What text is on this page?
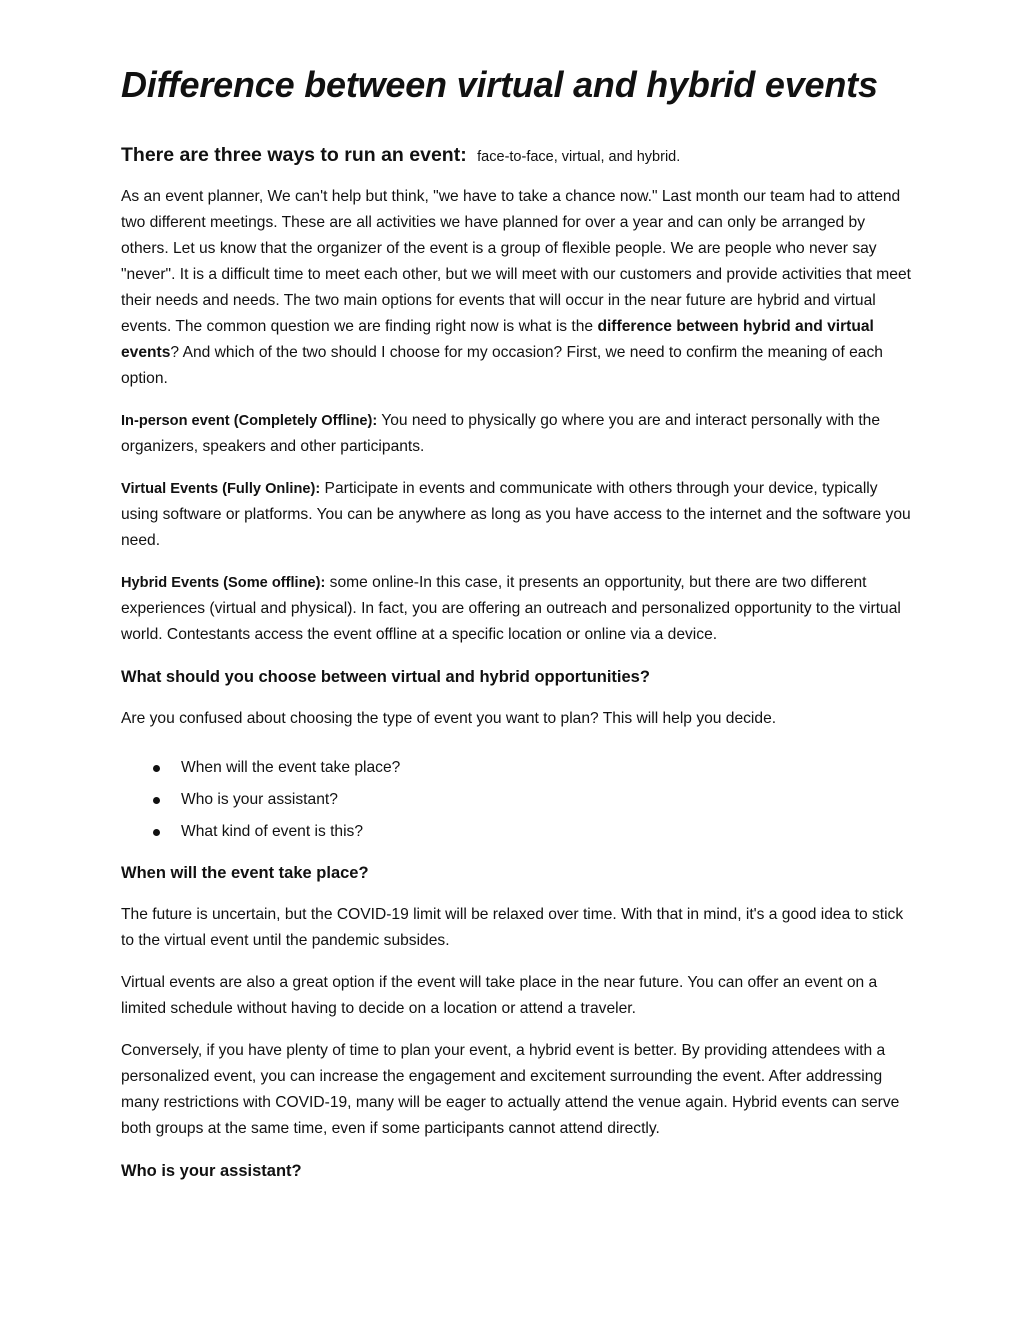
Difference between virtual and hybrid events
There are three ways to run an event: face-to-face, virtual, and hybrid.

As an event planner, We can't help but think, "we have to take a chance now." Last month our team had to attend two different meetings. These are all activities we have planned for over a year and can only be arranged by others. Let us know that the organizer of the event is a group of flexible people. We are people who never say "never". It is a difficult time to meet each other, but we will meet with our customers and provide activities that meet their needs and needs. The two main options for events that will occur in the near future are hybrid and virtual events. The common question we are finding right now is what is the difference between hybrid and virtual events? And which of the two should I choose for my occasion? First, we need to confirm the meaning of each option.

In-person event (Completely Offline): You need to physically go where you are and interact personally with the organizers, speakers and other participants.

Virtual Events (Fully Online): Participate in events and communicate with others through your device, typically using software or platforms. You can be anywhere as long as you have access to the internet and the software you need.

Hybrid Events (Some offline): some online-In this case, it presents an opportunity, but there are two different experiences (virtual and physical). In fact, you are offering an outreach and personalized opportunity to the virtual world. Contestants access the event offline at a specific location or online via a device.

What should you choose between virtual and hybrid opportunities?

Are you confused about choosing the type of event you want to plan? This will help you decide.

When will the event take place?
Who is your assistant?
What kind of event is this?
When will the event take place?

The future is uncertain, but the COVID-19 limit will be relaxed over time. With that in mind, it's a good idea to stick to the virtual event until the pandemic subsides.

Virtual events are also a great option if the event will take place in the near future. You can offer an event on a limited schedule without having to decide on a location or attend a traveler.

Conversely, if you have plenty of time to plan your event, a hybrid event is better. By providing attendees with a personalized event, you can increase the engagement and excitement surrounding the event. After addressing many restrictions with COVID-19, many will be eager to actually attend the venue again. Hybrid events can serve both groups at the same time, even if some participants cannot attend directly.

Who is your assistant?
